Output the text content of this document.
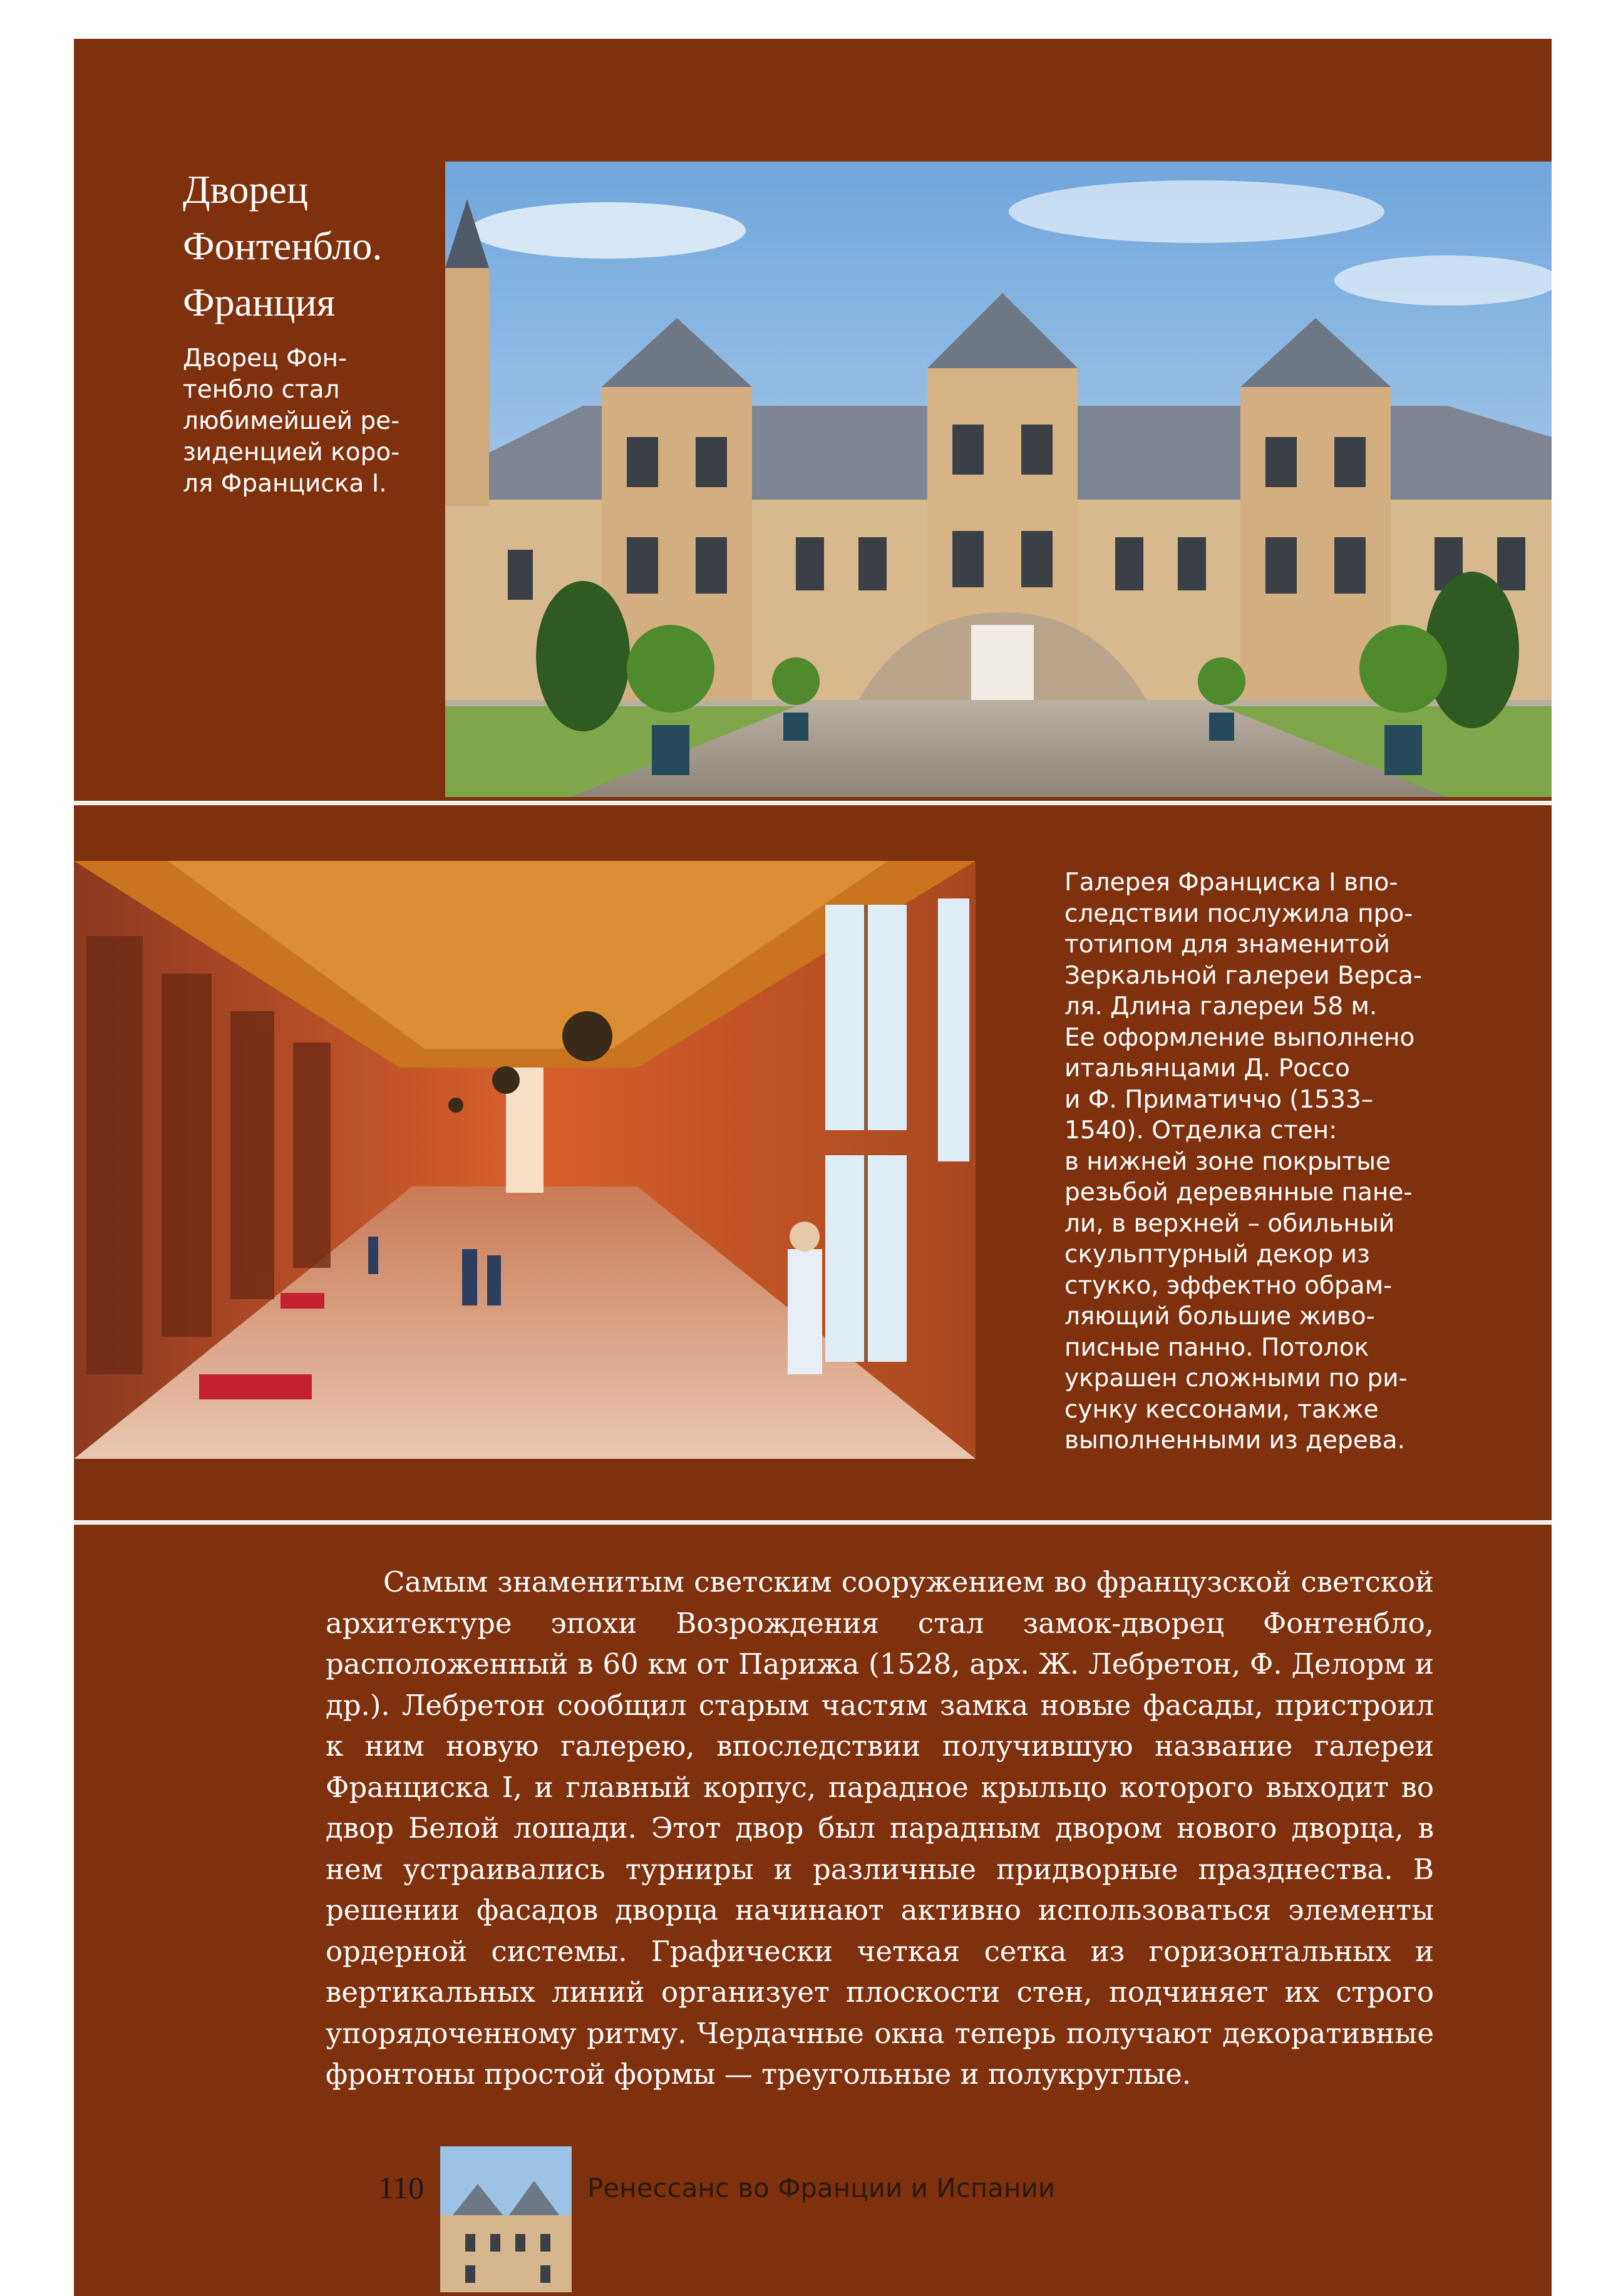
Дворец
Фонтенбло.
Франция
Дворец Фон-
тенбло стал
любимейшей ре-
зиденцией коро-
ля Франциска I.
Галерея Франциска I впо-
следствии послужила про-
тотипом для знаменитой
Зеркальной галереи Верса-
ля. Длина галереи 58 м.
Ее оформление выполнено
итальянцами Д. Россо
и Ф. Приматиччо (1533–
1540). Отделка стен:
в нижней зоне покрытые
резьбой деревянные пане-
ли, в верхней – обильный
скульптурный декор из
стукко, эффектно обрам-
ляющий большие живо-
писные панно. Потолок
украшен сложными по ри-
сунку кессонами, также
выполненными из дерева.

Самым знаменитым светским сооружением во французской светской архитектуре эпохи Возрождения стал замок-дворец Фонтенбло, расположенный в 60 км от Парижа (1528, арх. Ж. Лебретон, Ф. Делорм и др.). Лебретон сообщил старым частям замка новые фасады, пристроил к ним новую галерею, впоследствии получившую название галереи Франциска I, и главный корпус, парадное крыльцо которого выходит во двор Белой лошади. Этот двор был парадным двором нового дворца, в нем устраивались турниры и различные придворные празднества. В решении фасадов дворца начинают активно использоваться элементы ордерной системы. Графически четкая сетка из горизонтальных и вертикальных линий организует плоскости стен, подчиняет их строго упорядоченному ритму. Чердачные окна теперь получают декоративные фронтоны простой формы — треугольные и полукруглые.

110	Ренессанс во Франции и Испании
